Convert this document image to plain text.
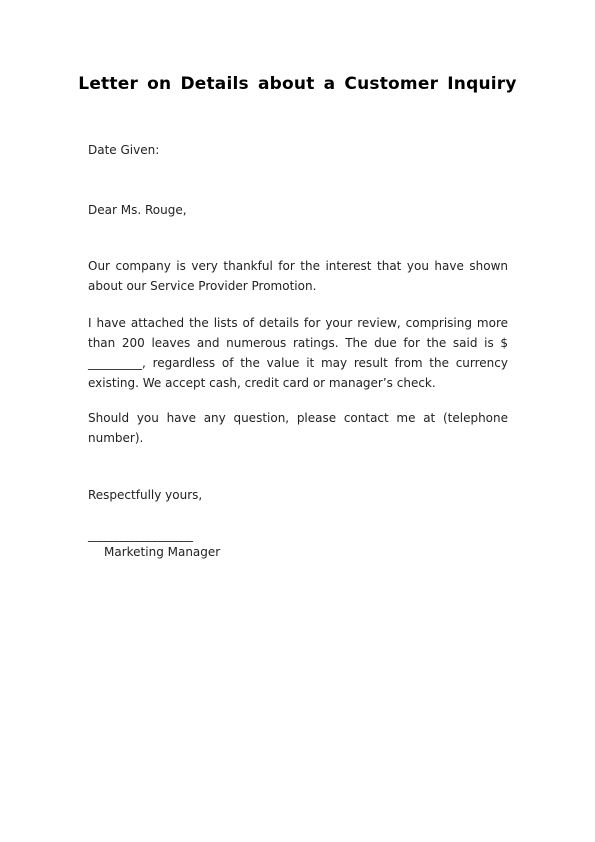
Letter on Details about a Customer Inquiry

Date Given:

Dear Ms. Rouge,

Our company is very thankful for the interest that you have shown about our Service Provider Promotion.

I have attached the lists of details for your review, comprising more than 200 leaves and numerous ratings. The due for the said is $ _________, regardless of the value it may result from the currency existing. We accept cash, credit card or manager’s check.

Should you have any question, please contact me at (telephone number).

Respectfully yours,

___________________

Marketing Manager
